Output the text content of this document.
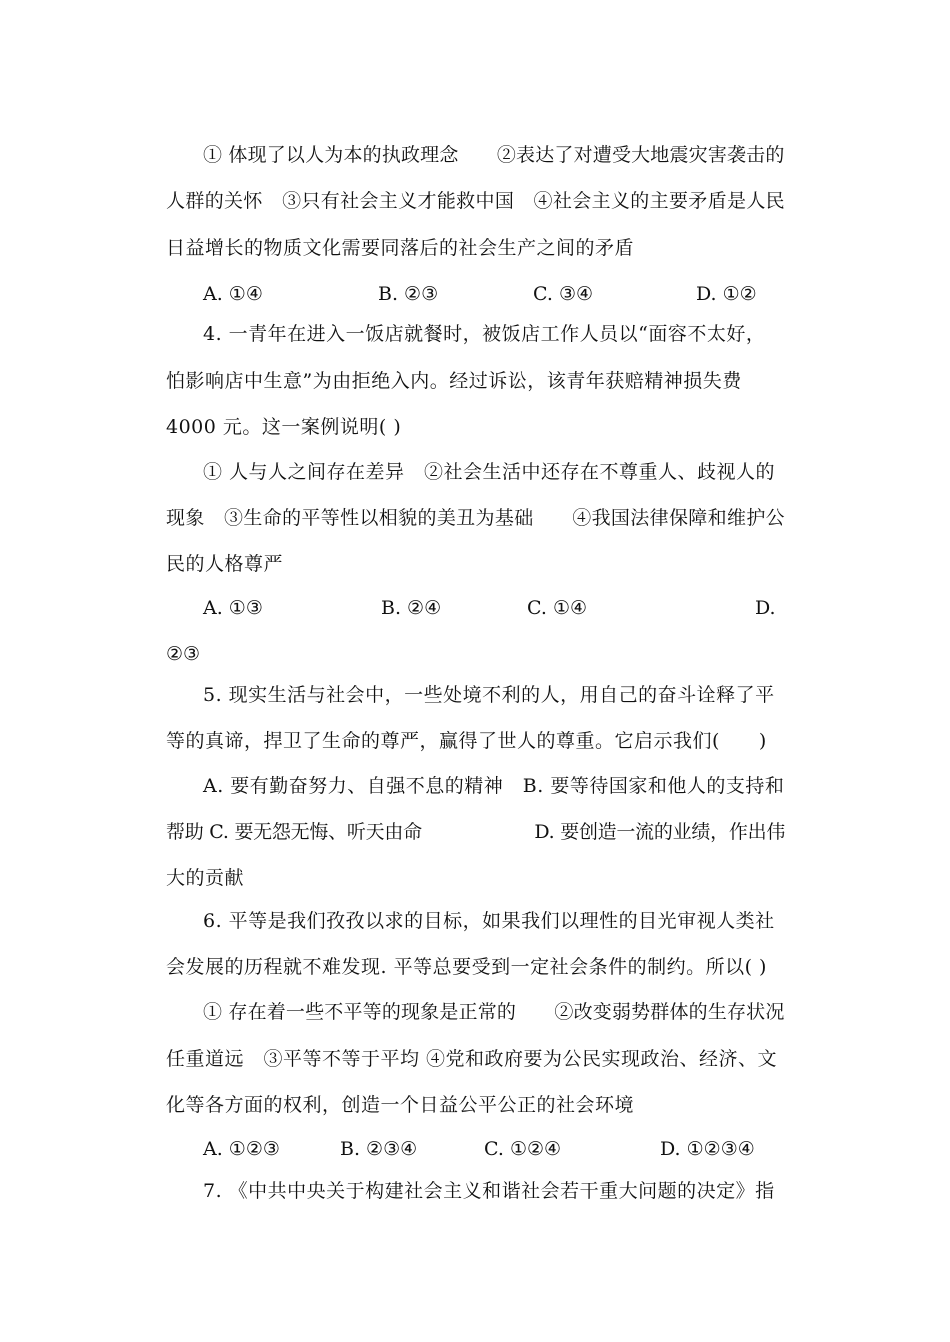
① 体现了以人为本的执政理念　　②表达了对遭受大地震灾害袭击的
人群的关怀　③只有社会主义才能救中国　④社会主义的主要矛盾是人民
日益增长的物质文化需要同落后的社会生产之间的矛盾
A. ①④	B. ②③	C. ③④	D. ①②
4. 一青年在进入一饭店就餐时，被饭店工作人员以“面容不太好，
怕影响店中生意”为由拒绝入内。经过诉讼，该青年获赔精神损失费
4000 元。这一案例说明( )
① 人与人之间存在差异　②社会生活中还存在不尊重人、歧视人的
现象　③生命的平等性以相貌的美丑为基础　　④我国法律保障和维护公
民的人格尊严
A. ①③	B. ②④	C. ①④	D.
②③
5. 现实生活与社会中，一些处境不利的人，用自己的奋斗诠释了平
等的真谛，捍卫了生命的尊严，赢得了世人的尊重。它启示我们(　　)
A. 要有勤奋努力、自强不息的精神　B. 要等待国家和他人的支持和
帮助 C. 要无怨无悔、听天由命　　　　　　D. 要创造一流的业绩，作出伟
大的贡献
6. 平等是我们孜孜以求的目标，如果我们以理性的目光审视人类社
会发展的历程就不难发现. 平等总要受到一定社会条件的制约。所以( )
① 存在着一些不平等的现象是正常的　　②改变弱势群体的生存状况
任重道远　③平等不等于平均 ④党和政府要为公民实现政治、经济、文
化等各方面的权利，创造一个日益公平公正的社会环境
A. ①②③	B. ②③④	C. ①②④	D. ①②③④
7. 《中共中央关于构建社会主义和谐社会若干重大问题的决定》指
